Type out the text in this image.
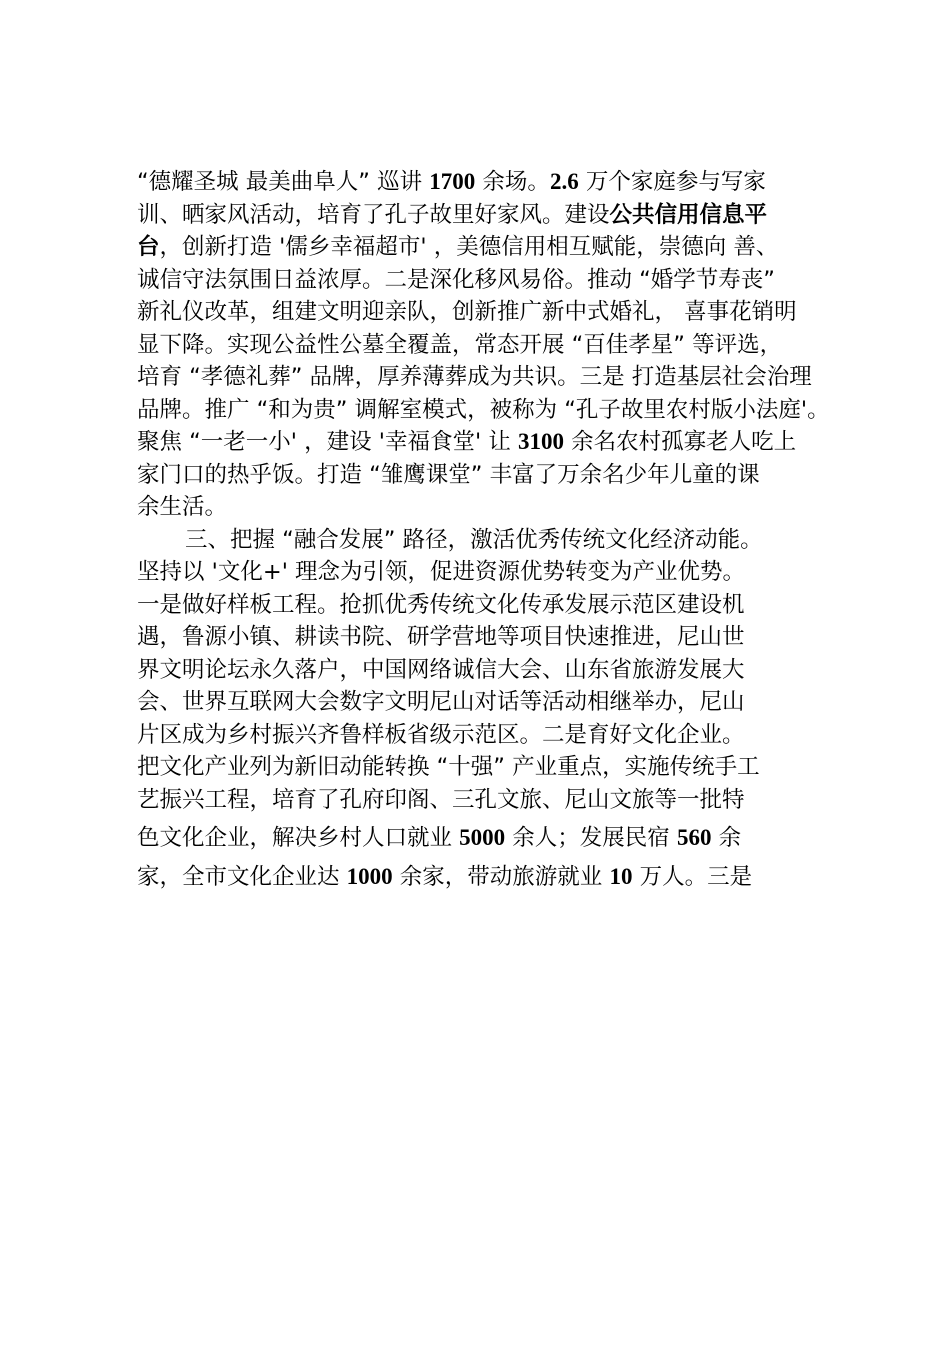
“德耀圣城 最美曲阜人” 巡讲 1700 余场。2.6 万个家庭参与写家
训、晒家风活动，培育了孔子故里好家风。建设公共信用信息平
台，创新打造 '儒乡幸福超市' ，美德信用相互赋能，崇德向 善、
诚信守法氛围日益浓厚。二是深化移风易俗。推动 “婚学节寿丧”
新礼仪改革，组建文明迎亲队，创新推广新中式婚礼， 喜事花销明
显下降。实现公益性公墓全覆盖，常态开展 “百佳孝星” 等评选，
培育 “孝德礼葬” 品牌，厚养薄葬成为共识。三是 打造基层社会治理
品牌。推广 “和为贵” 调解室模式，被称为 “孔子故里农村版小法庭'。
聚焦 “一老一小' ，建设 '幸福食堂' 让 3100 余名农村孤寡老人吃上
家门口的热乎饭。打造 “雏鹰课堂” 丰富了万余名少年儿童的课
余生活。
三、把握 “融合发展” 路径，激活优秀传统文化经济动能。
坚持以 '文化+' 理念为引领，促进资源优势转变为产业优势。
一是做好样板工程。抢抓优秀传统文化传承发展示范区建设机
遇，鲁源小镇、耕读书院、研学营地等项目快速推进，尼山世
界文明论坛永久落户，中国网络诚信大会、山东省旅游发展大
会、世界互联网大会数字文明尼山对话等活动相继举办，尼山
片区成为乡村振兴齐鲁样板省级示范区。二是育好文化企业。
把文化产业列为新旧动能转换 “十强” 产业重点，实施传统手工
艺振兴工程，培育了孔府印阁、三孔文旅、尼山文旅等一批特
色文化企业，解决乡村人口就业 5000 余人；发展民宿 560 余
家，全市文化企业达 1000 余家，带动旅游就业 10 万人。三是
